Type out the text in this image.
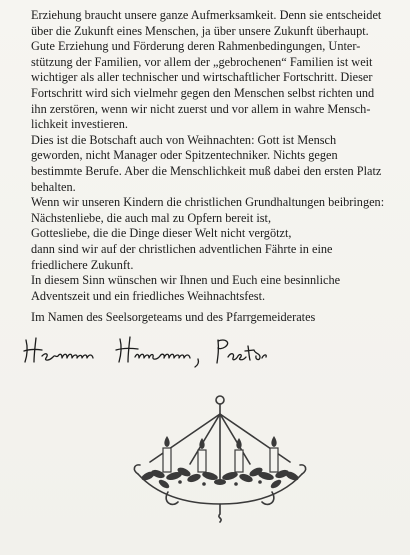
Erziehung braucht unsere ganze Aufmerksamkeit. Denn sie entscheidet
über die Zukunft eines Menschen, ja über unsere Zukunft überhaupt.
Gute Erziehung und Förderung deren Rahmenbedingungen, Unter-
stützung der Familien, vor allem der „gebrochenen“ Familien ist weit
wichtiger als aller technischer und wirtschaftlicher Fortschritt. Dieser
Fortschritt wird sich vielmehr gegen den Menschen selbst richten und
ihn zerstören, wenn wir nicht zuerst und vor allem in wahre Mensch-
lichkeit investieren.
Dies ist die Botschaft auch von Weihnachten: Gott ist Mensch
geworden, nicht Manager oder Spitzentechniker. Nichts gegen
bestimmte Berufe. Aber die Menschlichkeit muß dabei den ersten Platz
behalten.
Wenn wir unseren Kindern die christlichen Grundhaltungen beibringen:
Nächstenliebe, die auch mal zu Opfern bereit ist,
Gottesliebe, die die Dinge dieser Welt nicht vergötzt,
dann sind wir auf der christlichen adventlichen Fährte in eine
friedlichere Zukunft.
In diesem Sinn wünschen wir Ihnen und Euch eine besinnliche
Adventszeit und ein friedliches Weihnachtsfest.
Im Namen des Seelsorgeteams und des Pfarrgemeiderates
